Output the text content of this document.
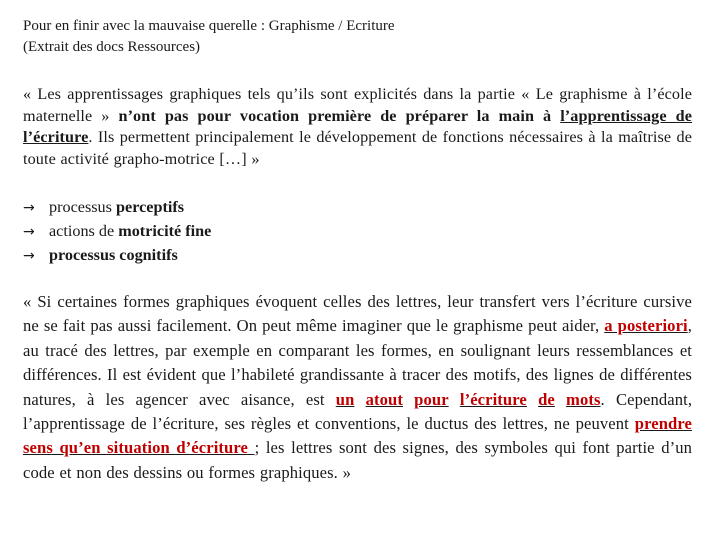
Pour en finir avec la mauvaise querelle : Graphisme / Ecriture
(Extrait des docs Ressources)
« Les apprentissages graphiques tels qu’ils sont explicités dans la partie « Le graphisme à l’école maternelle » n’ont pas pour vocation première de préparer la main à l’apprentissage de l’écriture. Ils permettent principalement le développement de fonctions nécessaires à la maîtrise de toute activité grapho-motrice […] »
→ processus perceptifs
→ actions de motricité fine
→ processus cognitifs
« Si certaines formes graphiques évoquent celles des lettres, leur transfert vers l’écriture cursive ne se fait pas aussi facilement. On peut même imaginer que le graphisme peut aider, a posteriori, au tracé des lettres, par exemple en comparant les formes, en soulignant leurs ressemblances et différences. Il est évident que l’habileté grandissante à tracer des motifs, des lignes de différentes natures, à les agencer avec aisance, est un atout pour l’écriture de mots. Cependant, l’apprentissage de l’écriture, ses règles et conventions, le ductus des lettres, ne peuvent prendre sens qu’en situation d’écriture ; les lettres sont des signes, des symboles qui font partie d’un code et non des dessins ou formes graphiques. »
